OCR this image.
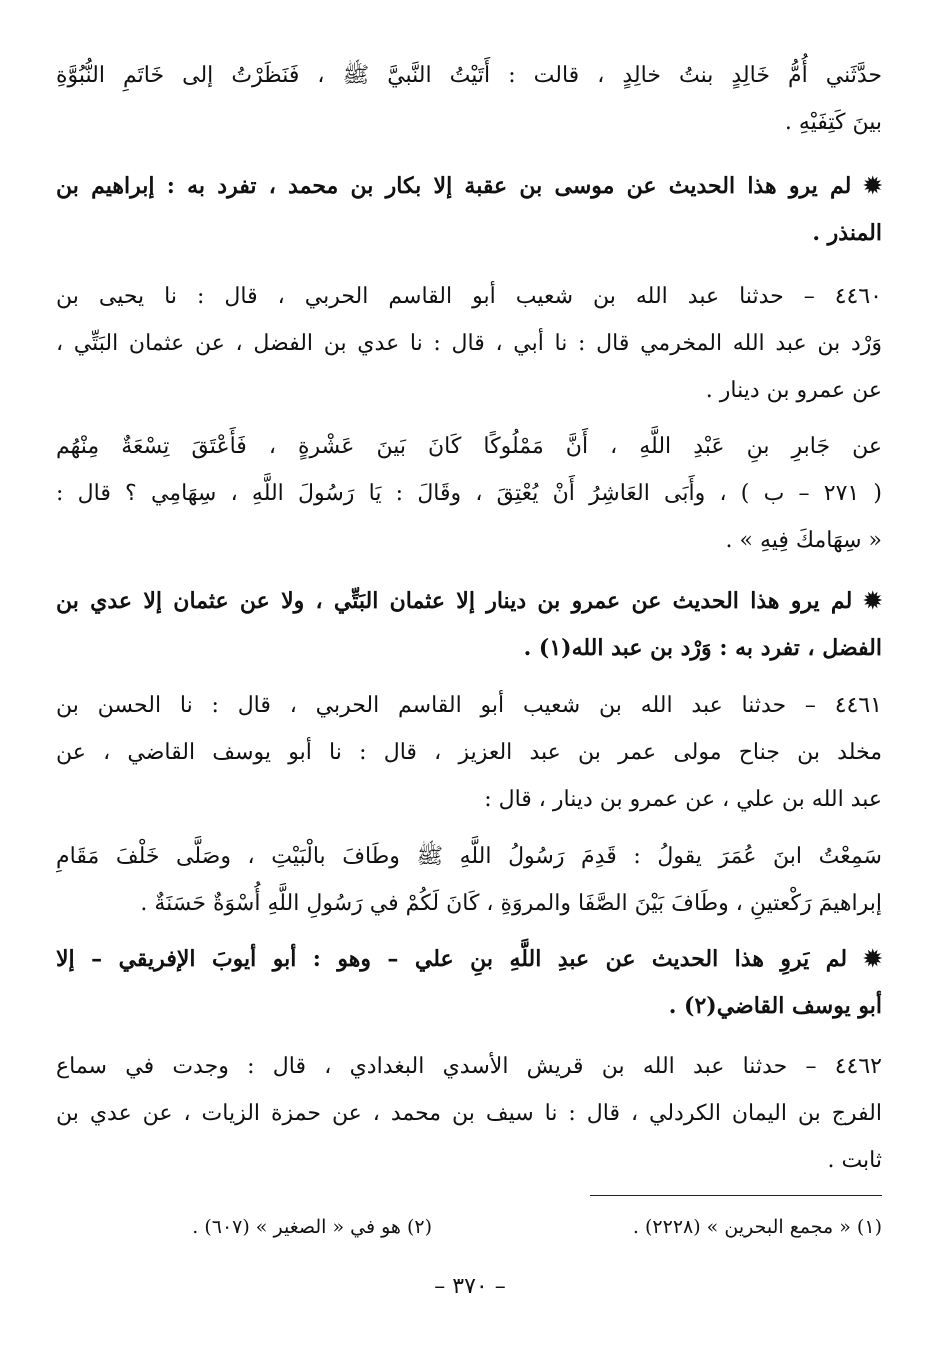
حدَّثَني أُمُّ خَالِدٍ بنتُ خالِدٍ ، قالت : أَتَيْتُ النَّبيَّ ﷺ ، فَنَظَرْتُ إلى خَاتَمِ النُّبُوَّةِ
بينَ كَتِفَيْهِ .
✹ لم يرو هذا الحديث عن موسى بن عقبة إلا بكار بن محمد ، تفرد به : إبراهيم بن
المنذر .
٤٤٦٠ – حدثنا عبد الله بن شعيب أبو القاسم الحربي ، قال : نا يحيى بن
وَرْد بن عبد الله المخرمي قال : نا أبي ، قال : نا عدي بن الفضل ، عن عثمان البَتِّي ،
عن عمرو بن دينار .
عن جَابرِ بنِ عَبْدِ اللَّهِ ، أَنَّ مَمْلُوكًا كَانَ بَينَ عَشْرةٍ ، فَأَعْتَقَ تِسْعَةٌ مِنْهُم
( ٢٧١ – ب ) ، وأَبَى العَاشِرُ أَنْ يُعْتِقَ ، وقَالَ : يَا رَسُولَ اللَّهِ ، سِهَامِي ؟ قال :
« سِهَامكَ فِيهِ » .
✹ لم يرو هذا الحديث عن عمرو بن دينار إلا عثمان البَتِّي ، ولا عن عثمان إلا عدي بن
الفضل ، تفرد به : وَرْد بن عبد الله(١) .
٤٤٦١ – حدثنا عبد الله بن شعيب أبو القاسم الحربي ، قال : نا الحسن بن
مخلد بن جناح مولى عمر بن عبد العزيز ، قال : نا أبو يوسف القاضي ، عن
عبد الله بن علي ، عن عمرو بن دينار ، قال :
سَمِعْتُ ابنَ عُمَرَ يقولُ : قَدِمَ رَسُولُ اللَّهِ ﷺ وطَافَ بالْبَيْتِ ، وصَلَّى خَلْفَ مَقَامِ
إبراهيمَ رَكْعتينِ ، وطَافَ بَيْنَ الصَّفَا والمروَةِ ، كَانَ لَكُمْ في رَسُولِ اللَّهِ أُسْوَةٌ حَسَنَةٌ .
✹ لم يَروِ هذا الحديث عن عبدِ اللَّهِ بنِ علي – وهو : أبو أيوبَ الإفريقي – إلا
أبو يوسف القاضي(٢) .
٤٤٦٢ – حدثنا عبد الله بن قريش الأسدي البغدادي ، قال : وجدت في سماع
الفرج بن اليمان الكردلي ، قال : نا سيف بن محمد ، عن حمزة الزيات ، عن عدي بن
ثابت .
(١) « مجمع البحرين » (٢٢٢٨) .
(٢) هو في « الصغير » (٦٠٧) .
– ٣٧٠ –
